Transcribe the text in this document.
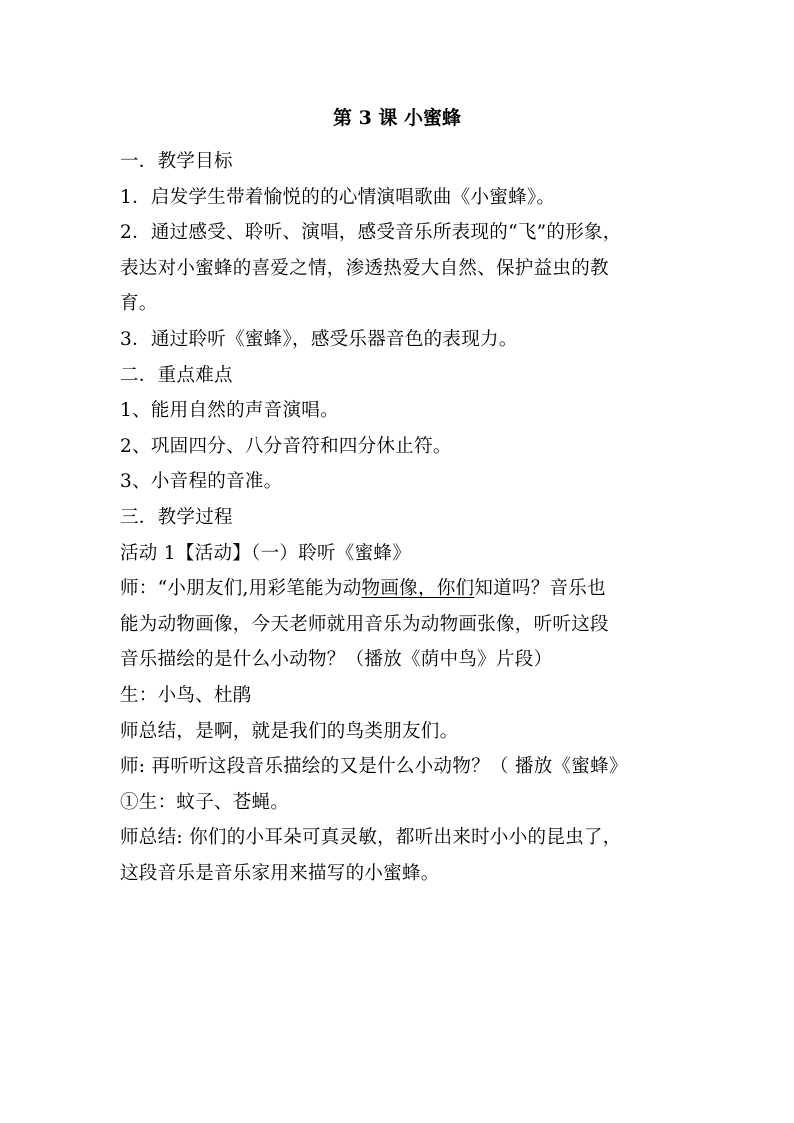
第 3 课 小蜜蜂
一．教学目标
1．启发学生带着愉悦的的心情演唱歌曲《小蜜蜂》。
2．通过感受、聆听、演唱，感受音乐所表现的“飞”的形象，
表达对小蜜蜂的喜爱之情，渗透热爱大自然、保护益虫的教
育。
3．通过聆听《蜜蜂》，感受乐器音色的表现力。
二．重点难点
1、能用自然的声音演唱。
2、巩固四分、八分音符和四分休止符。
3、小音程的音准。
三．教学过程
活动 1【活动】（一）聆听《蜜蜂》
师：“小朋友们,用彩笔能为动物画像，你们知道吗？音乐也
能为动物画像，今天老师就用音乐为动物画张像，听听这段
音乐描绘的是什么小动物？（播放《荫中鸟》片段）
生：小鸟、杜鹃
师总结，是啊，就是我们的鸟类朋友们。
师: 再听听这段音乐描绘的又是什么小动物？（ 播放《蜜蜂》
①生：蚊子、苍蝇。
师总结: 你们的小耳朵可真灵敏，都听出来时小小的昆虫了，
这段音乐是音乐家用来描写的小蜜蜂。
